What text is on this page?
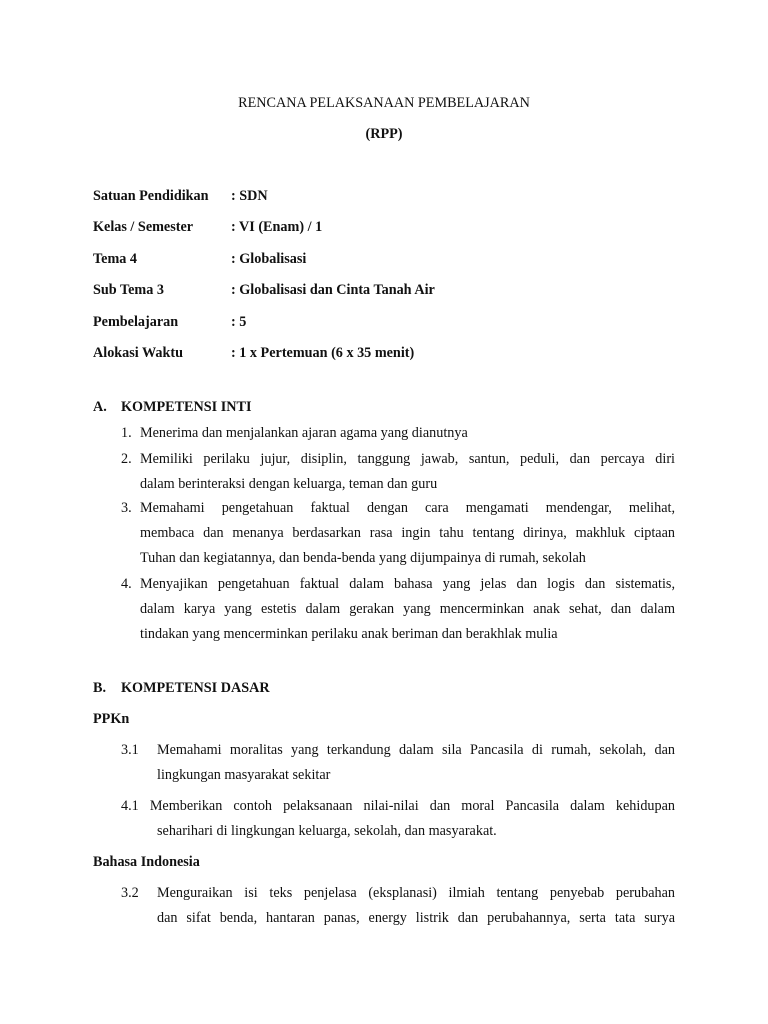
RENCANA PELAKSANAAN PEMBELAJARAN
(RPP)
Satuan Pendidikan : SDN
Kelas / Semester	: VI (Enam) / 1
Tema 4	: Globalisasi
Sub Tema 3	: Globalisasi dan Cinta Tanah Air
Pembelajaran	: 5
Alokasi Waktu	: 1 x Pertemuan (6 x 35 menit)
A. KOMPETENSI INTI
1. Menerima dan menjalankan ajaran agama yang dianutnya
2. Memiliki perilaku jujur, disiplin, tanggung jawab, santun, peduli, dan percaya diri
dalam berinteraksi dengan keluarga, teman dan guru
3. Memahami pengetahuan faktual dengan cara mengamati mendengar, melihat,
membaca dan menanya berdasarkan rasa ingin tahu tentang dirinya, makhluk ciptaan
Tuhan dan kegiatannya, dan benda-benda yang dijumpainya di rumah, sekolah
4. Menyajikan pengetahuan faktual dalam bahasa yang jelas dan logis dan sistematis,
dalam karya yang estetis dalam gerakan yang mencerminkan anak sehat, dan dalam
tindakan yang mencerminkan perilaku anak beriman dan berakhlak mulia
B. KOMPETENSI DASAR
PPKn
3.1 Memahami moralitas yang terkandung dalam sila Pancasila di rumah, sekolah, dan
lingkungan masyarakat sekitar
4.1 Memberikan contoh pelaksanaan nilai-nilai dan moral Pancasila dalam kehidupan
seharihari di lingkungan keluarga, sekolah, dan masyarakat.
Bahasa Indonesia
3.2 Menguraikan isi teks penjelasa (eksplanasi) ilmiah tentang penyebab perubahan
dan sifat benda, hantaran panas, energy listrik dan perubahannya, serta tata surya
